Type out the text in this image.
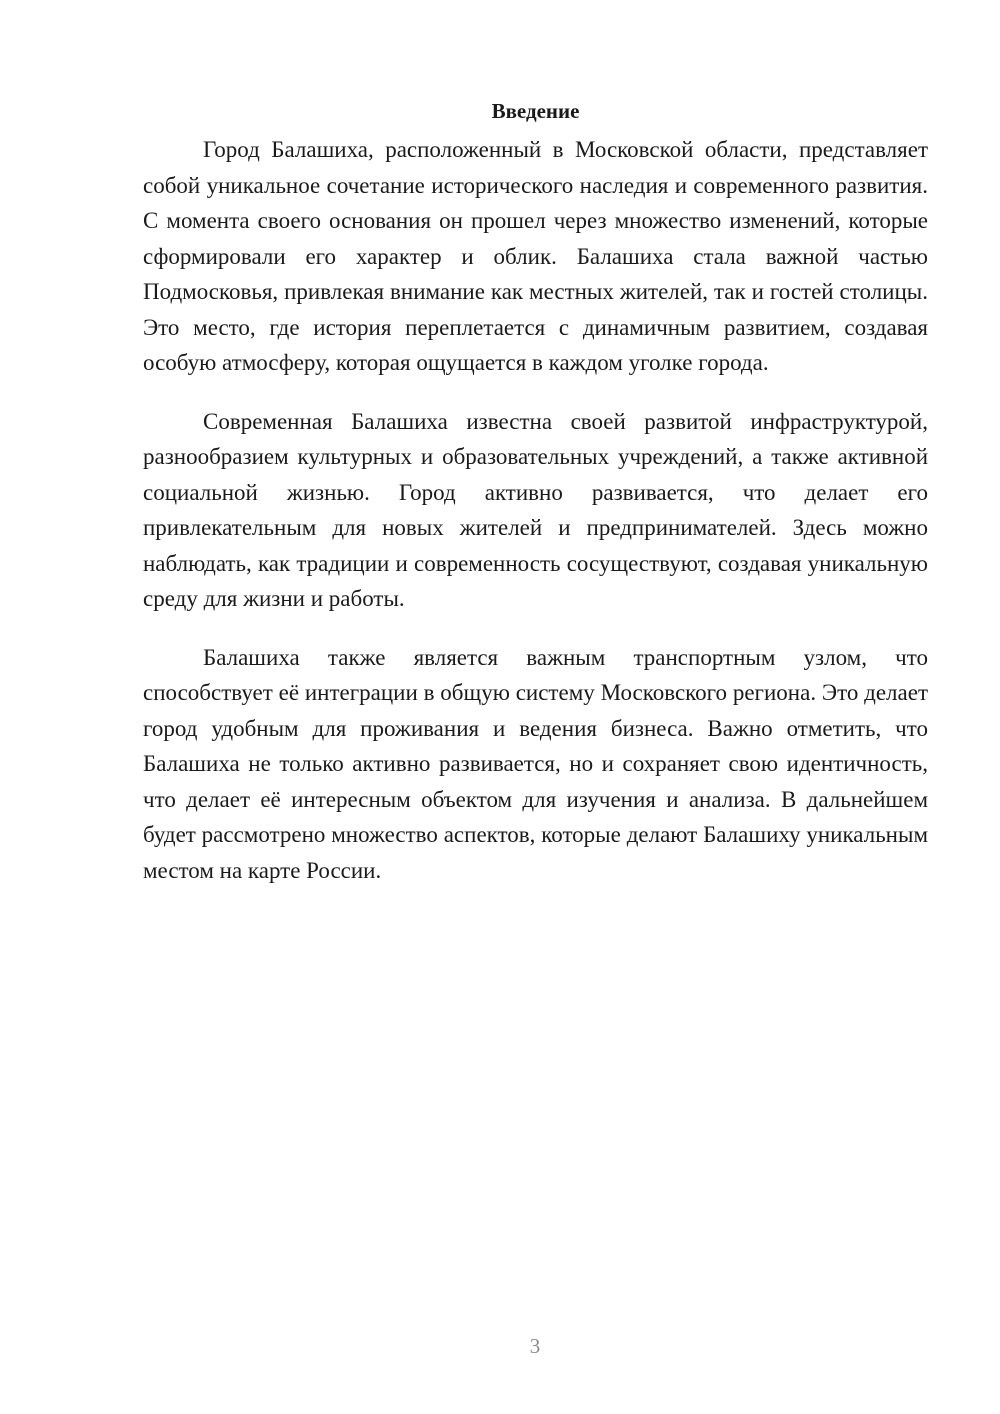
Введение

Город Балашиха, расположенный в Московской области, представляет собой уникальное сочетание исторического наследия и современного развития. С момента своего основания он прошел через множество изменений, которые сформировали его характер и облик. Балашиха стала важной частью Подмосковья, привлекая внимание как местных жителей, так и гостей столицы. Это место, где история переплетается с динамичным развитием, создавая особую атмосферу, которая ощущается в каждом уголке города.

Современная Балашиха известна своей развитой инфраструктурой, разнообразием культурных и образовательных учреждений, а также активной социальной жизнью. Город активно развивается, что делает его привлекательным для новых жителей и предпринимателей. Здесь можно наблюдать, как традиции и современность сосуществуют, создавая уникальную среду для жизни и работы.

Балашиха также является важным транспортным узлом, что способствует её интеграции в общую систему Московского региона. Это делает город удобным для проживания и ведения бизнеса. Важно отметить, что Балашиха не только активно развивается, но и сохраняет свою идентичность, что делает её интересным объектом для изучения и анализа. В дальнейшем будет рассмотрено множество аспектов, которые делают Балашиху уникальным местом на карте России.

3
